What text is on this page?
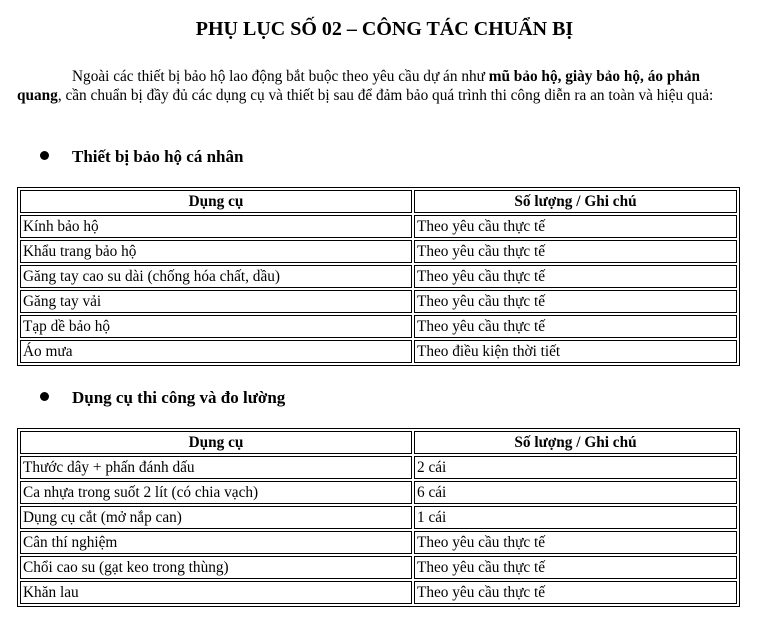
PHỤ LỤC SỐ 02 – CÔNG TÁC CHUẨN BỊ

Ngoài các thiết bị bảo hộ lao động bắt buộc theo yêu cầu dự án như mũ bảo hộ, giày bảo hộ, áo phản quang, cần chuẩn bị đầy đủ các dụng cụ và thiết bị sau để đảm bảo quá trình thi công diễn ra an toàn và hiệu quả:

Thiết bị bảo hộ cá nhân
Dụng cụ	Số lượng / Ghi chú
Kính bảo hộ	Theo yêu cầu thực tế
Khẩu trang bảo hộ	Theo yêu cầu thực tế
Găng tay cao su dài (chống hóa chất, dầu)	Theo yêu cầu thực tế
Găng tay vải	Theo yêu cầu thực tế
Tạp dề bảo hộ	Theo yêu cầu thực tế
Áo mưa	Theo điều kiện thời tiết
Dụng cụ thi công và đo lường
Dụng cụ	Số lượng / Ghi chú
Thước dây + phấn đánh dấu	2 cái
Ca nhựa trong suốt 2 lít (có chia vạch)	6 cái
Dụng cụ cắt (mở nắp can)	1 cái
Cân thí nghiệm	Theo yêu cầu thực tế
Chổi cao su (gạt keo trong thùng)	Theo yêu cầu thực tế
Khăn lau	Theo yêu cầu thực tế
